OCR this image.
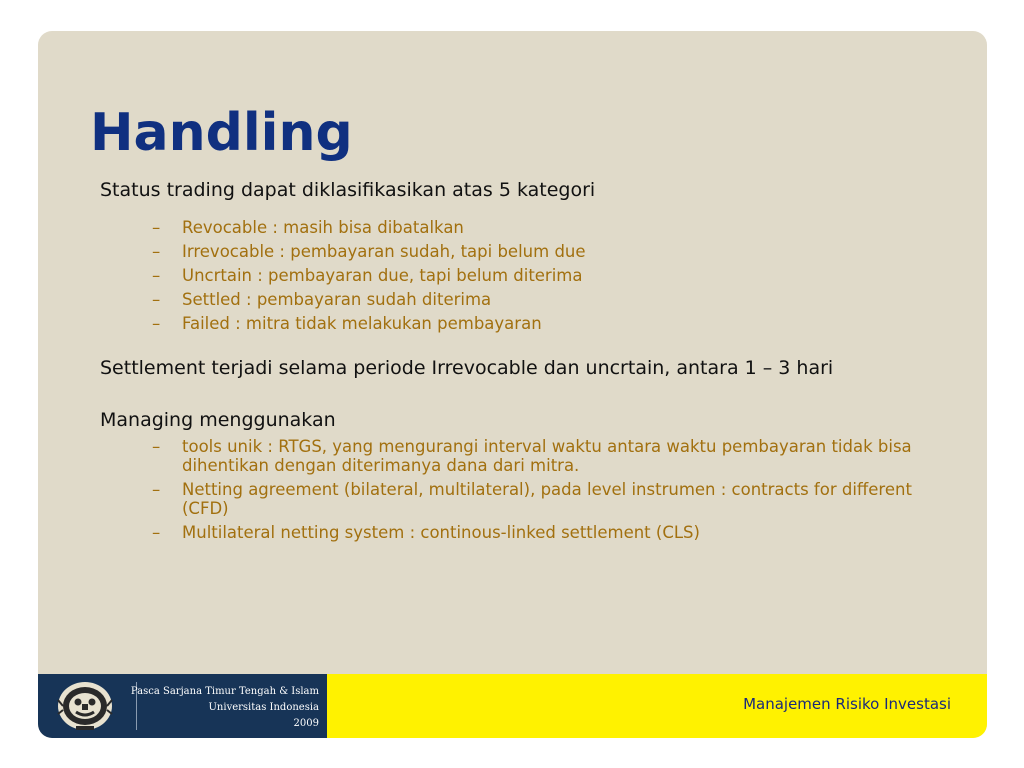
Handling

Status trading dapat diklasifikasikan atas 5 kategori

– Revocable : masih bisa dibatalkan
– Irrevocable : pembayaran sudah, tapi belum due
– Uncrtain : pembayaran due, tapi belum diterima
– Settled : pembayaran sudah diterima
– Failed : mitra tidak melakukan pembayaran

Settlement terjadi selama periode Irrevocable dan uncrtain, antara 1 – 3 hari

Managing menggunakan

– tools unik : RTGS, yang mengurangi interval waktu antara waktu pembayaran tidak bisa dihentikan dengan diterimanya dana dari mitra.
– Netting agreement (bilateral, multilateral), pada level instrumen : contracts for different (CFD)
– Multilateral netting system : continous-linked settlement (CLS)
Pasca Sarjana Timur Tengah & Islam
Universitas Indonesia
2009
Manajemen Risiko Investasi
